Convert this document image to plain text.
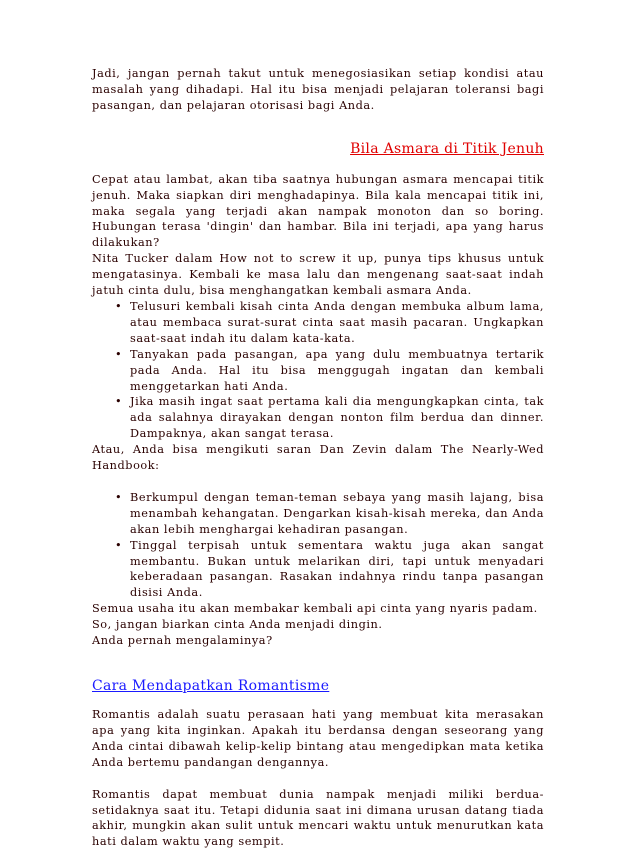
Jadi, jangan pernah takut untuk menegosiasikan setiap kondisi atau masalah yang dihadapi. Hal itu bisa menjadi pelajaran toleransi bagi pasangan, dan pelajaran otorisasi bagi Anda.

Bila Asmara di Titik Jenuh

Cepat atau lambat, akan tiba saatnya hubungan asmara mencapai titik jenuh. Maka siapkan diri menghadapinya. Bila kala mencapai titik ini, maka segala yang terjadi akan nampak monoton dan so boring. Hubungan terasa 'dingin' dan hambar. Bila ini terjadi, apa yang harus dilakukan?

Nita Tucker dalam How not to screw it up, punya tips khusus untuk mengatasinya. Kembali ke masa lalu dan mengenang saat-saat indah jatuh cinta dulu, bisa menghangatkan kembali asmara Anda.

• Telusuri kembali kisah cinta Anda dengan membuka album lama, atau membaca surat-surat cinta saat masih pacaran. Ungkapkan saat-saat indah itu dalam kata-kata.
• Tanyakan pada pasangan, apa yang dulu membuatnya tertarik pada Anda. Hal itu bisa menggugah ingatan dan kembali menggetarkan hati Anda.
• Jika masih ingat saat pertama kali dia mengungkapkan cinta, tak ada salahnya dirayakan dengan nonton film berdua dan dinner. Dampaknya, akan sangat terasa.

Atau, Anda bisa mengikuti saran Dan Zevin dalam The Nearly-Wed Handbook:

• Berkumpul dengan teman-teman sebaya yang masih lajang, bisa menambah kehangatan. Dengarkan kisah-kisah mereka, dan Anda akan lebih menghargai kehadiran pasangan.
• Tinggal terpisah untuk sementara waktu juga akan sangat membantu. Bukan untuk melarikan diri, tapi untuk menyadari keberadaan pasangan. Rasakan indahnya rindu tanpa pasangan disisi Anda.

Semua usaha itu akan membakar kembali api cinta yang nyaris padam.

So, jangan biarkan cinta Anda menjadi dingin.

Anda pernah mengalaminya?

Cara Mendapatkan Romantisme

Romantis adalah suatu perasaan hati yang membuat kita merasakan apa yang kita inginkan. Apakah itu berdansa dengan seseorang yang Anda cintai dibawah kelip-kelip bintang atau mengedipkan mata ketika Anda bertemu pandangan dengannya.

Romantis dapat membuat dunia nampak menjadi miliki berdua-setidaknya saat itu. Tetapi didunia saat ini dimana urusan datang tiada akhir, mungkin akan sulit untuk mencari waktu untuk menurutkan kata hati dalam waktu yang sempit.
